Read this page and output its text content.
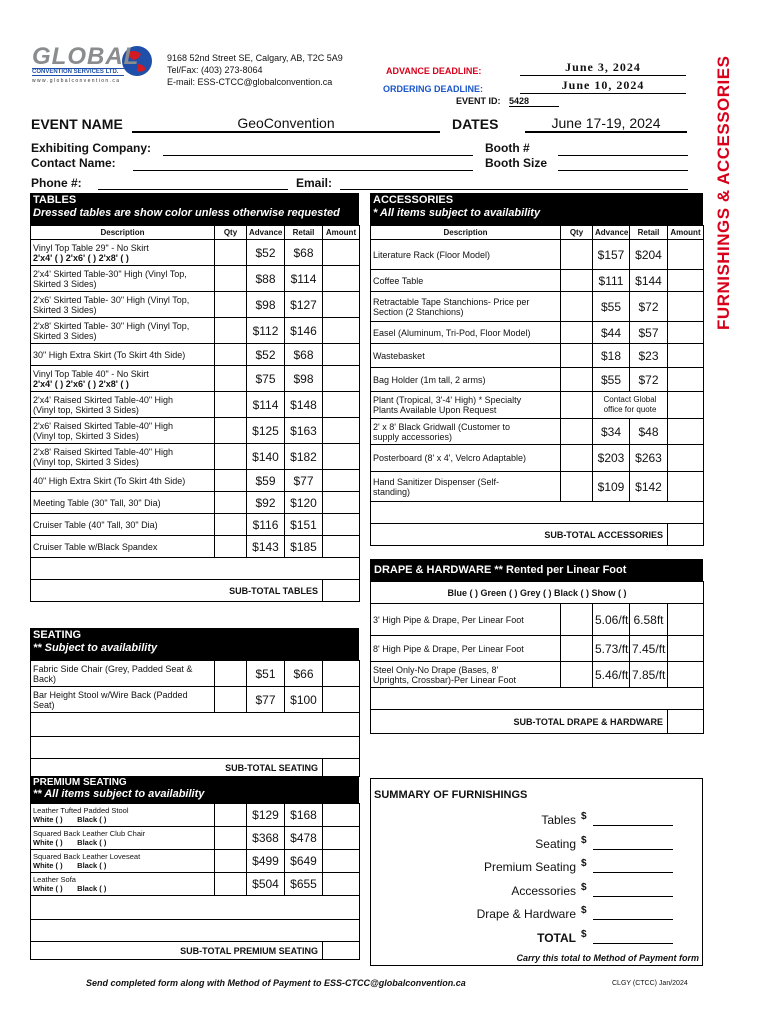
GLOBAL
CONVENTION SERVICES LTD.
w w w . g l o b a l c o n v e n t i o n . c a
9168 52nd Street SE, Calgary, AB, T2C 5A9
Tel/Fax: (403) 273-8064
E-mail: ESS-CTCC@globalconvention.ca
ADVANCE DEADLINE:	June 3, 2024
ORDERING DEADLINE:	June 10, 2024
EVENT ID: 5428
EVENT NAME	GeoConvention	DATES	June 17-19, 2024
Exhibiting Company:
Contact Name:
Booth #
Booth Size
Phone #:	Email:	FURNISHINGS & ACCESSORIES
TABLES
Dressed tables are show color unless otherwise requested
Description	Qty	Advance	Retail	Amount

Vinyl Top Table 29" - No Skirt
2'x4' ( ) 2'x6' ( ) 2'x8' ( )		$52	$68	

2'x4' Skirted Table-30" High (Vinyl Top,
Skirted 3 Sides)		$88	$114	

2'x6' Skirted Table- 30" High (Vinyl Top,
Skirted 3 Sides)		$98	$127	

2'x8' Skirted Table- 30" High (Vinyl Top,
Skirted 3 Sides)		$112	$146	

30" High Extra Skirt (To Skirt 4th Side)		$52	$68	

Vinyl Top Table 40" - No Skirt
2'x4' ( ) 2'x6' ( ) 2'x8' ( )		$75	$98	

2'x4' Raised Skirted Table-40" High
(Vinyl top, Skirted 3 Sides)		$114	$148	

2'x6' Raised Skirted Table-40" High
(Vinyl top, Skirted 3 Sides)		$125	$163	

2'x8' Raised Skirted Table-40" High
(Vinyl top, Skirted 3 Sides)		$140	$182	

40" High Extra Skirt (To Skirt 4th Side)		$59	$77	

Meeting Table (30" Tall, 30" Dia)		$92	$120	

Cruiser Table (40" Tall, 30" Dia)		$116	$151	

Cruiser Table w/Black Spandex		$143	$185	

SUB-TOTAL TABLES				
SEATING
** Subject to availability
Fabric Side Chair (Grey, Padded Seat &
Back)		$51	$66	

Bar Height Stool w/Wire Back (Padded
Seat)		$77	$100	

SUB-TOTAL SEATING				
PREMIUM SEATING
** All items subject to availability
Leather Tufted Padded Stool
White ( ) Black ( )		$129	$168	

Squared Back Leather Club Chair
White ( ) Black ( )		$368	$478	

Squared Back Leather Loveseat
White ( ) Black ( )		$499	$649	

Leather Sofa
White ( ) Black ( )		$504	$655	

SUB-TOTAL PREMIUM SEATING				
ACCESSORIES
* All items subject to availability
Description	Qty	Advance	Retail	Amount

Literature Rack (Floor Model)		$157	$204	

Coffee Table		$111	$144	

Retractable Tape Stanchions- Price per
Section (2 Stanchions)		$55	$72	

Easel (Aluminum, Tri-Pod, Floor Model)		$44	$57	

Wastebasket		$18	$23	

Bag Holder (1m tall, 2 arms)		$55	$72	

Plant (Tropical, 3'-4' High) * Specialty
Plants Available Upon Request		Contact Global office for quote		

2' x 8' Black Gridwall (Customer to
supply accessories)		$34	$48	

Posterboard (8' x 4', Velcro Adaptable)		$203	$263	

Hand Sanitizer Dispenser (Self-
standing)		$109	$142	

SUB-TOTAL ACCESSORIES				
DRAPE & HARDWARE ** Rented per Linear Foot
Blue ( ) Green ( ) Grey ( ) Black ( ) Show ( )				

3' High Pipe & Drape, Per Linear Foot		5.06/ft	6.58ft	

8' High Pipe & Drape, Per Linear Foot		5.73/ft	7.45/ft	

Steel Only-No Drape (Bases, 8'
Uprights, Crossbar)-Per Linear Foot		5.46/ft	7.85/ft	

SUB-TOTAL DRAPE & HARDWARE				
SUMMARY OF FURNISHINGS
Tables $
Seating $
Premium Seating $
Accessories $
Drape & Hardware $
TOTAL $
Carry this total to Method of Payment form
Send completed form along with Method of Payment to ESS-CTCC@globalconvention.ca	CLGY (CTCC) Jan/2024
